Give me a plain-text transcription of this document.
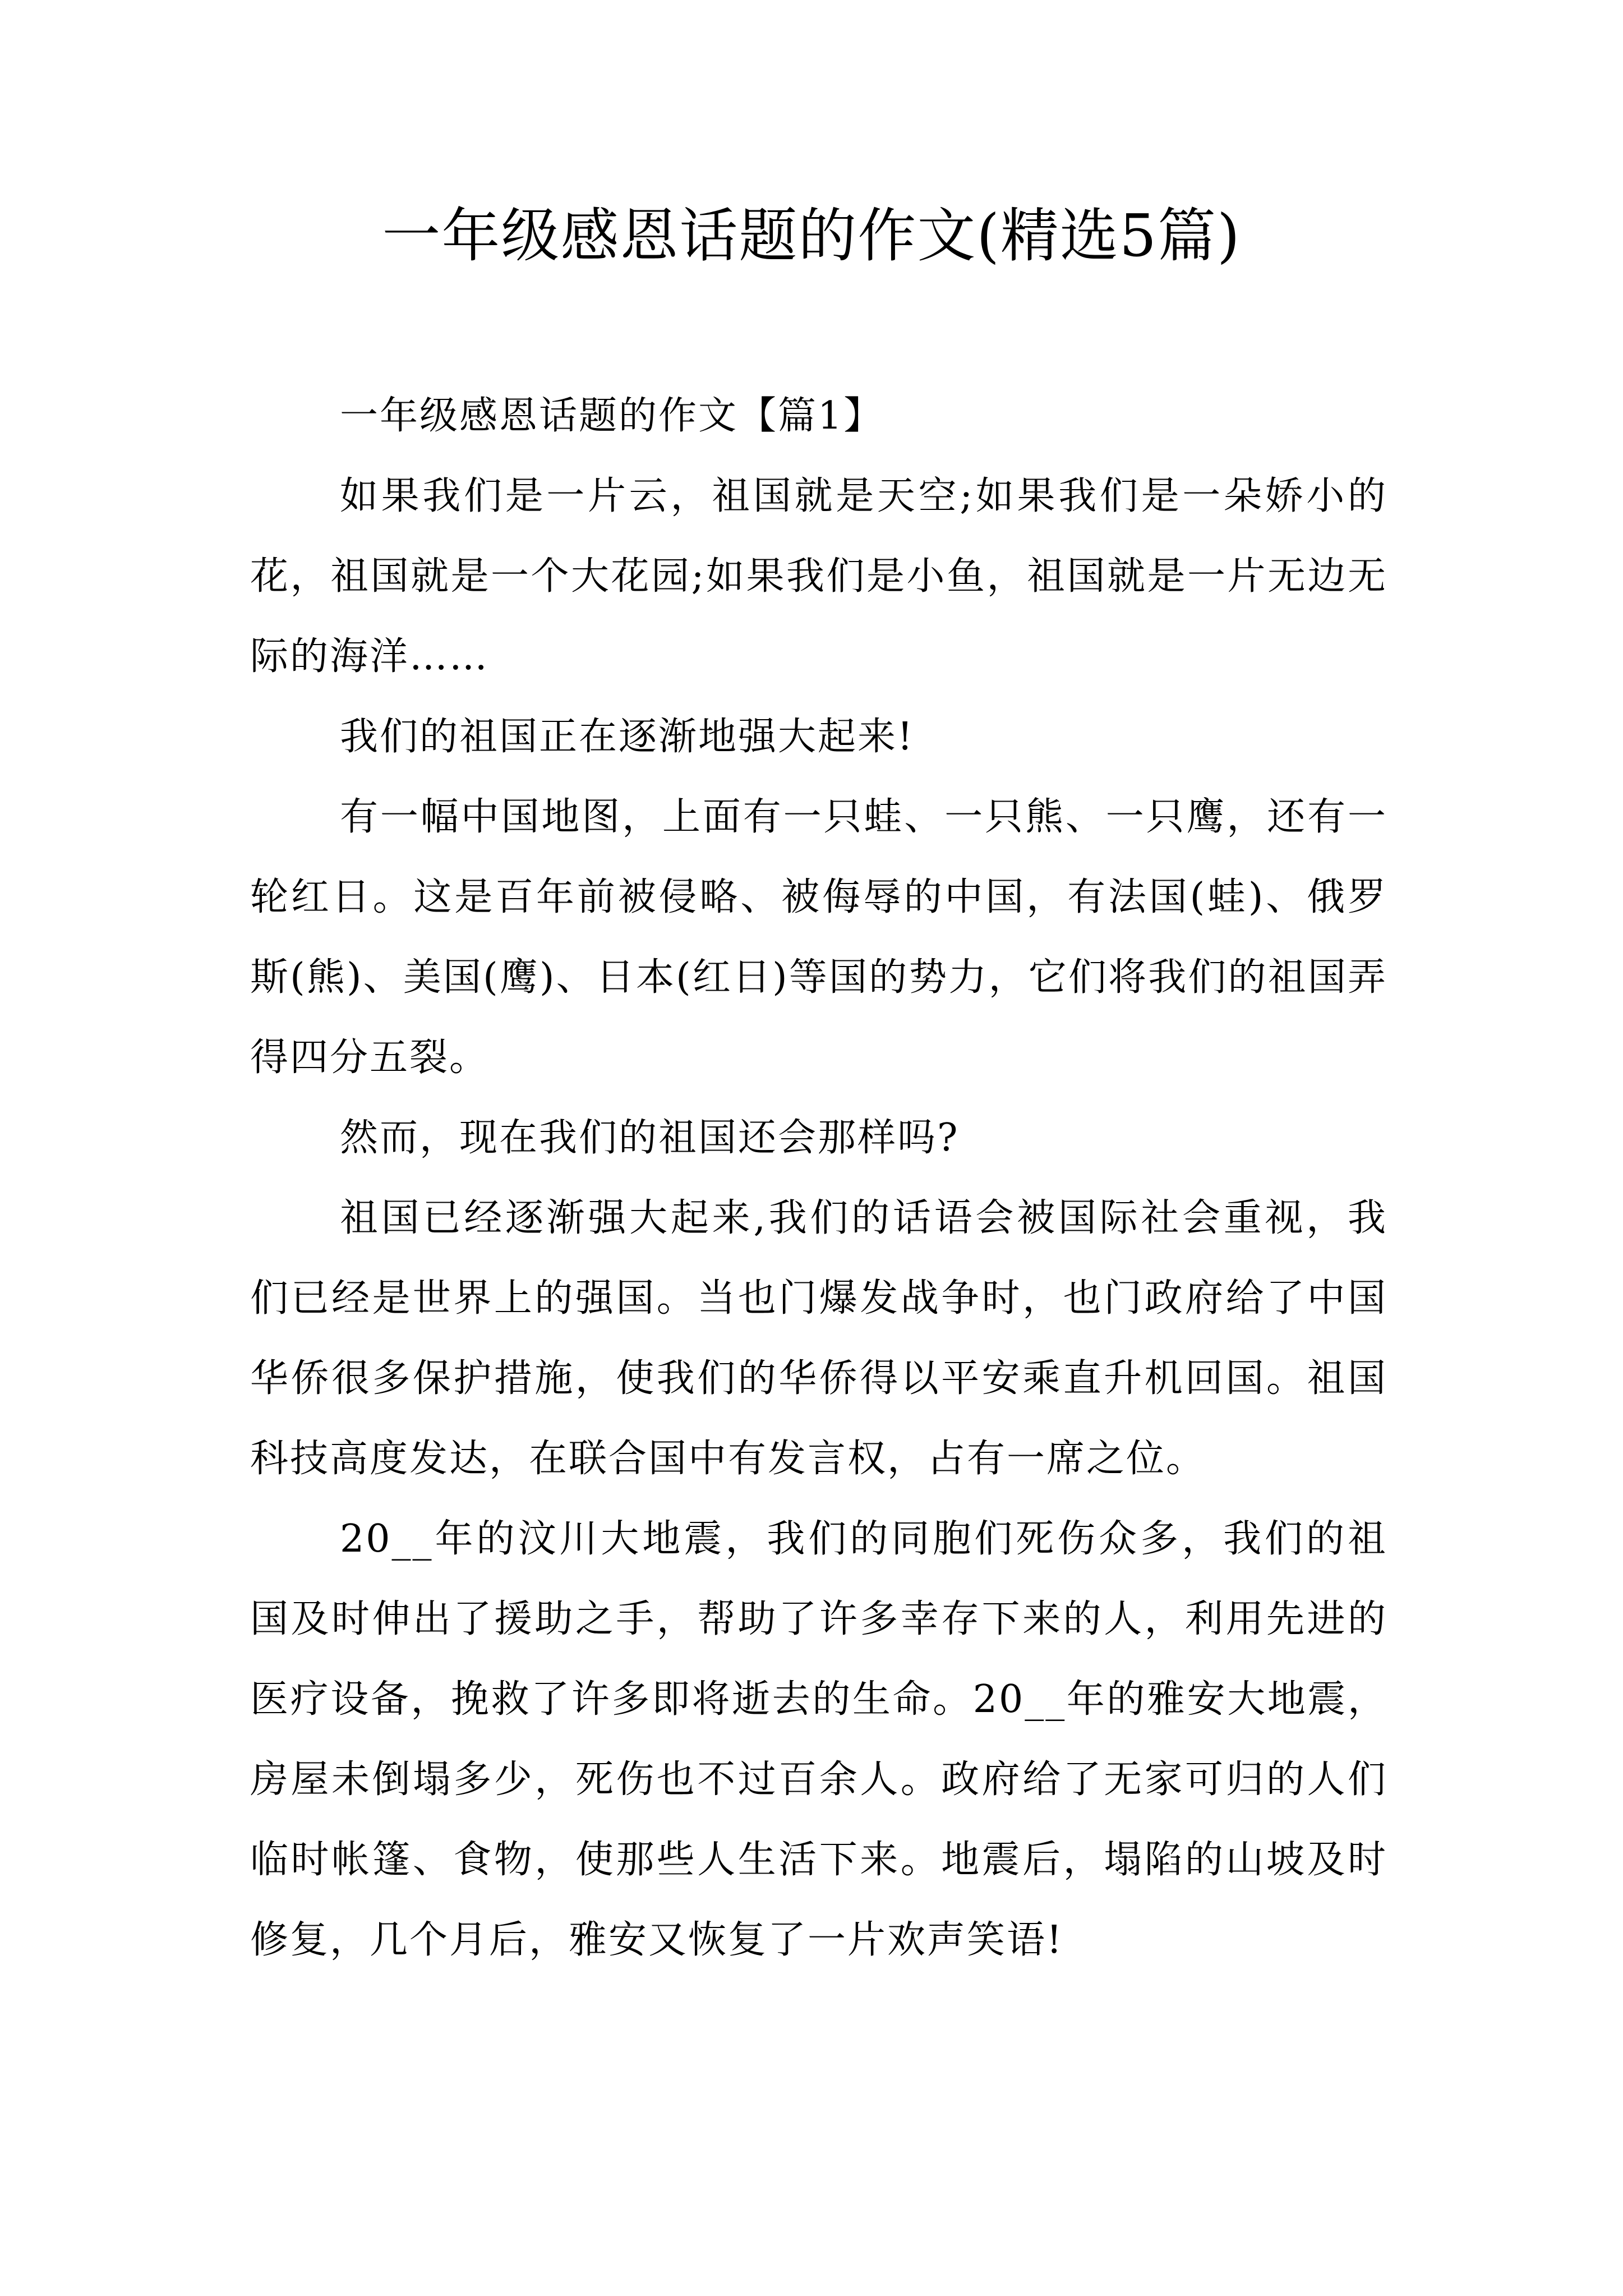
一年级感恩话题的作文(精选5篇)

一年级感恩话题的作文【篇1】

如果我们是一片云，祖国就是天空;如果我们是一朵娇小的花，祖国就是一个大花园;如果我们是小鱼，祖国就是一片无边无际的海洋……

我们的祖国正在逐渐地强大起来!

有一幅中国地图，上面有一只蛙、一只熊、一只鹰，还有一轮红日。这是百年前被侵略、被侮辱的中国，有法国(蛙)、俄罗斯(熊)、美国(鹰)、日本(红日)等国的势力，它们将我们的祖国弄得四分五裂。

然而，现在我们的祖国还会那样吗?

祖国已经逐渐强大起来,我们的话语会被国际社会重视，我们已经是世界上的强国。当也门爆发战争时，也门政府给了中国华侨很多保护措施，使我们的华侨得以平安乘直升机回国。祖国科技高度发达，在联合国中有发言权，占有一席之位。

20__年的汶川大地震，我们的同胞们死伤众多，我们的祖国及时伸出了援助之手，帮助了许多幸存下来的人，利用先进的医疗设备，挽救了许多即将逝去的生命。20__年的雅安大地震，房屋未倒塌多少，死伤也不过百余人。政府给了无家可归的人们临时帐篷、食物，使那些人生活下来。地震后，塌陷的山坡及时修复，几个月后，雅安又恢复了一片欢声笑语!
